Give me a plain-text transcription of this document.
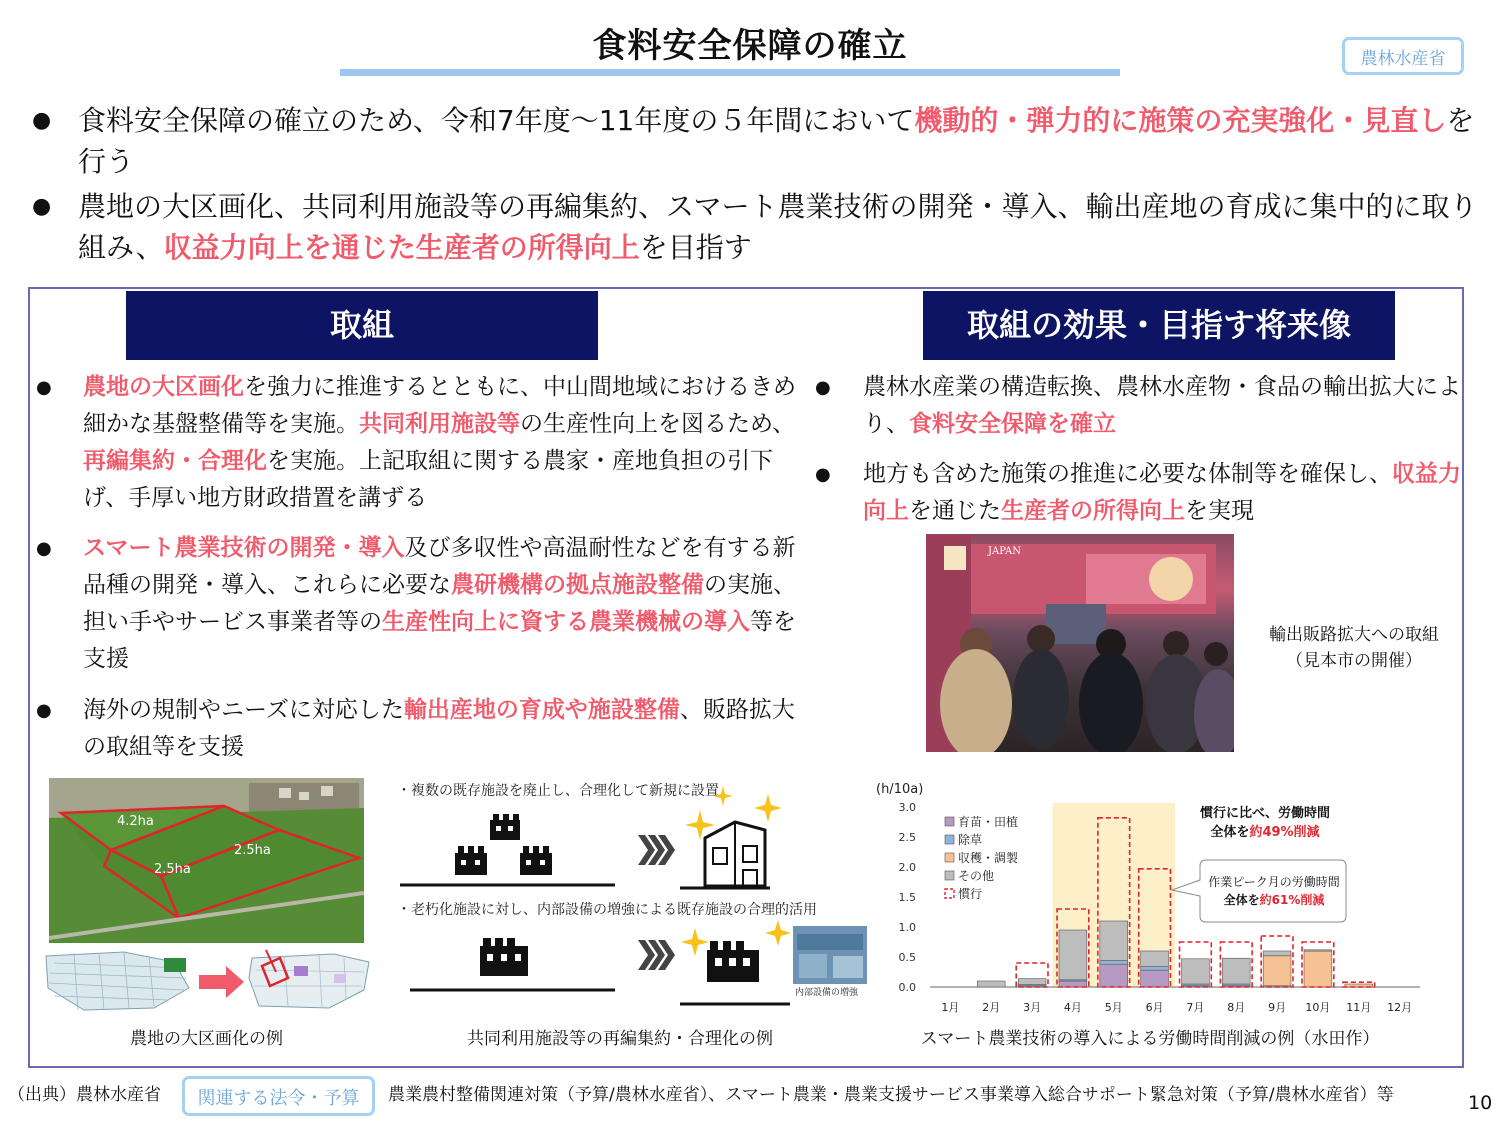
食料安全保障の確立	農林水産省
● 食料安全保障の確立のため、令和7年度～11年度の５年間において機動的・弾力的に施策の充実強化・見直しを行う
● 農地の大区画化、共同利用施設等の再編集約、スマート農業技術の開発・導入、輸出産地の育成に集中的に取り組み、収益力向上を通じた生産者の所得向上を目指す
取組	取組の効果・目指す将来像
● 農地の大区画化を強力に推進するとともに、中山間地域におけるきめ細かな基盤整備等を実施。共同利用施設等の生産性向上を図るため、再編集約・合理化を実施。上記取組に関する農家・産地負担の引下げ、手厚い地方財政措置を講ずる
● スマート農業技術の開発・導入及び多収性や高温耐性などを有する新品種の開発・導入、これらに必要な農研機構の拠点施設整備の実施、担い手やサービス事業者等の生産性向上に資する農業機械の導入等を支援
● 海外の規制やニーズに対応した輸出産地の育成や施設整備、販路拡大の取組等を支援
● 農林水産業の構造転換、農林水産物・食品の輸出拡大により、食料安全保障を確立
● 地方も含めた施策の推進に必要な体制等を確保し、収益力向上を通じた生産者の所得向上を実現
JAPAN
輸出販路拡大への取組
（見本市の開催）
4.2ha
2.5ha
2.5ha
農地の大区画化の例
・複数の既存施設を廃止し、合理化して新規に設置
・老朽化施設に対し、内部設備の増強による既存施設の合理的活用
内部設備の増強
共同利用施設等の再編集約・合理化の例
(h/10a)
0.0
0.5
1.0
1.5
2.0
2.5
3.0
1月 2月 3月 4月 5月 6月 7月 8月 9月 10月 11月 12月
育苗・田植
除草
収穫・調製
その他
慣行
慣行に比べ、労働時間
全体を約49%削減
作業ピーク月の労働時間
全体を約61%削減
スマート農業技術の導入による労働時間削減の例（水田作）
（出典）農林水産省	関連する法令・予算	農業農村整備関連対策（予算/農林水産省）、スマート農業・農業支援サービス事業導入総合サポート緊急対策（予算/農林水産省）等	10
